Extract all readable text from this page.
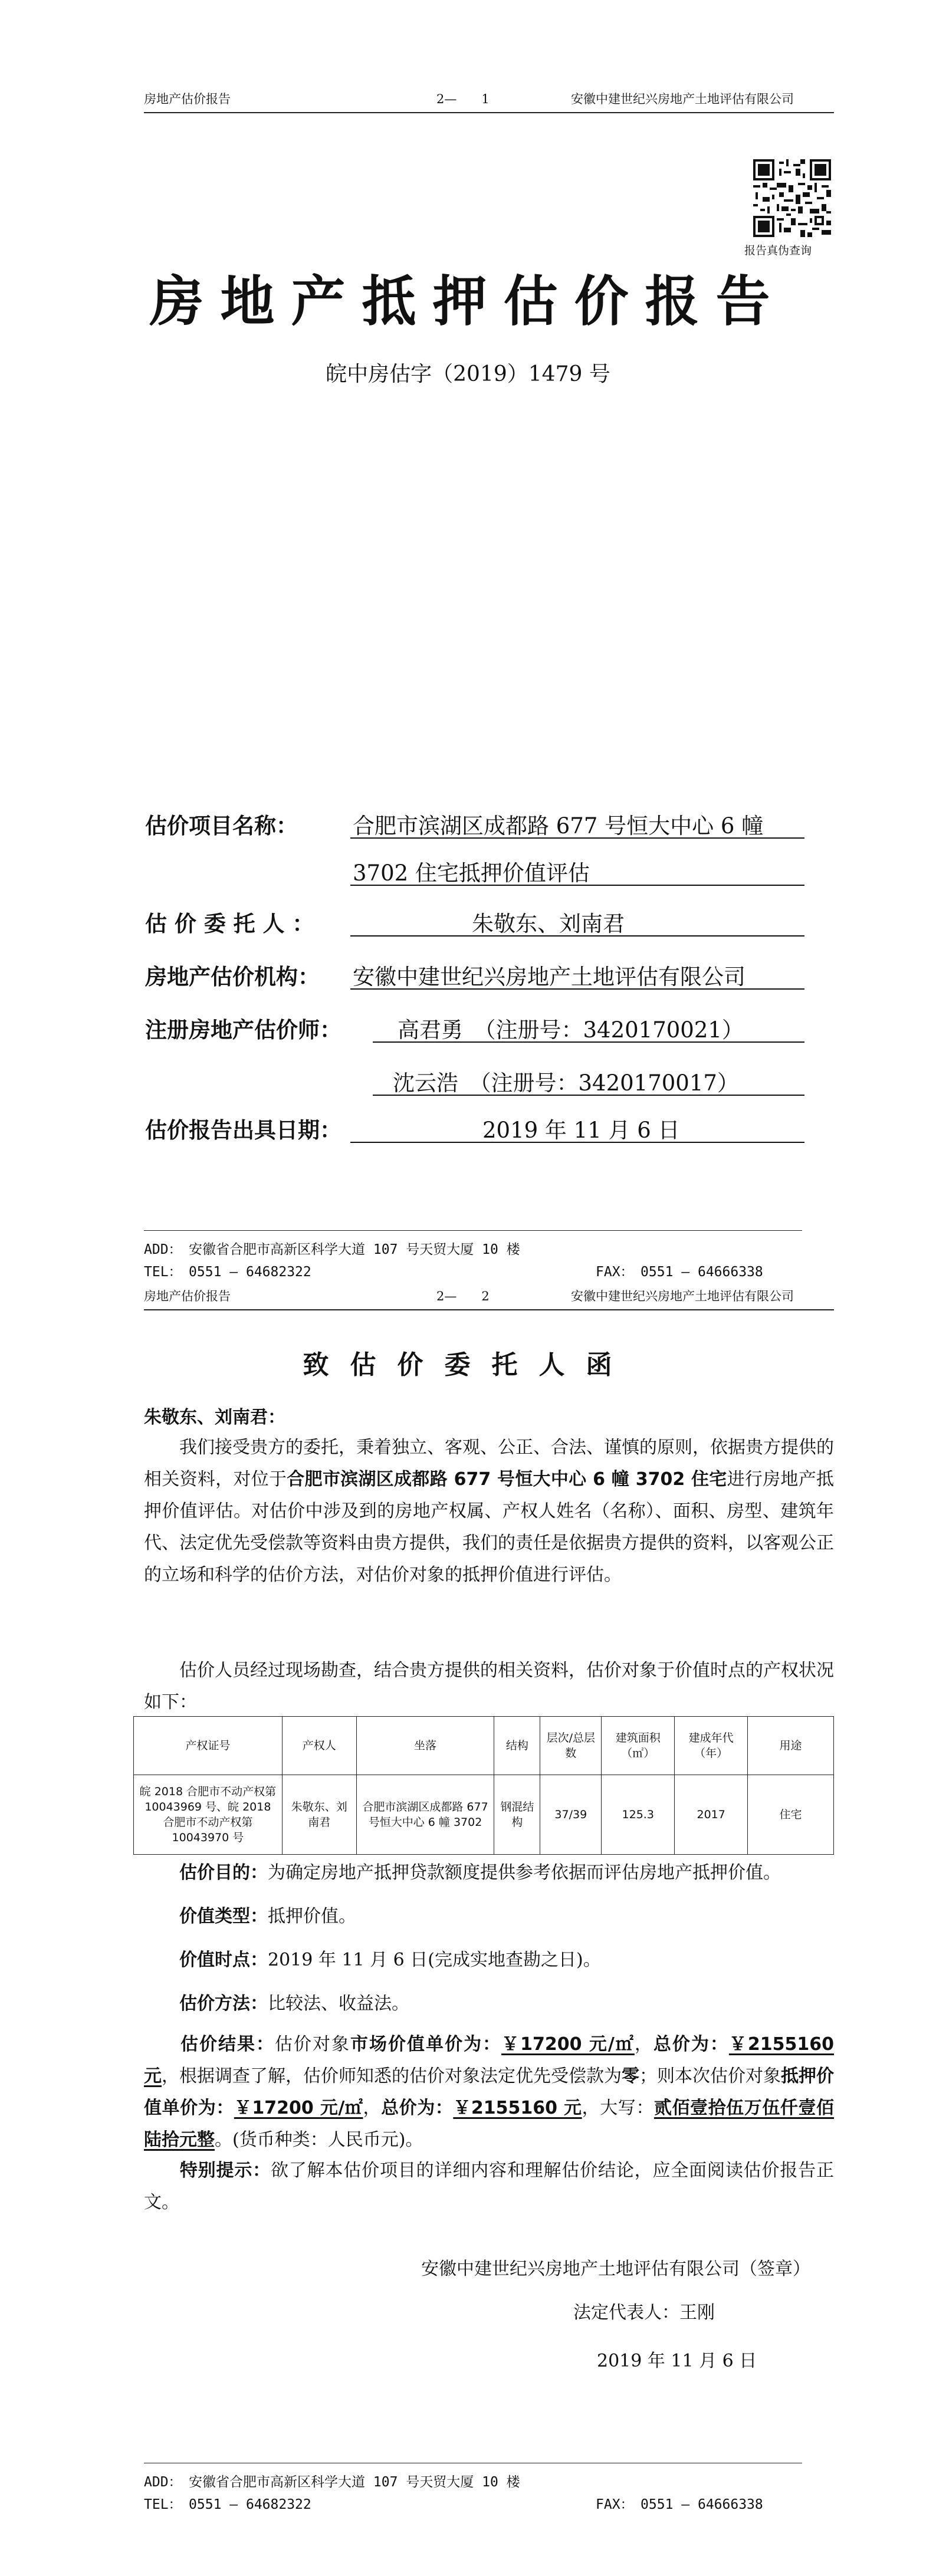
房地产估价报告	2—　　1	安徽中建世纪兴房地产土地评估有限公司
报告真伪查询
房地产抵押估价报告
皖中房估字（2019）1479 号
估价项目名称：	合肥市滨湖区成都路 677 号恒大中心 6 幢
3702 住宅抵押价值评估
估 价 委 托 人 ：	朱敬东、刘南君
房地产估价机构： 安徽中建世纪兴房地产土地评估有限公司
注册房地产估价师：	高君勇　（注册号：3420170021）
沈云浩　（注册号：3420170017）
估价报告出具日期：	2019 年 11 月 6 日
ADD：　安徽省合肥市高新区科学大道 107 号天贸大厦 10 楼
TEL：　0551 — 64682322	FAX：　0551 — 64666338
房地产估价报告	2—　　2	安徽中建世纪兴房地产土地评估有限公司
致估价委托人函
朱敬东、刘南君：
我们接受贵方的委托，秉着独立、客观、公正、合法、谨慎的原则，依据贵方提供的相关资料，对位于合肥市滨湖区成都路 677 号恒大中心 6 幢 3702 住宅进行房地产抵押价值评估。对估价中涉及到的房地产权属、产权人姓名（名称）、面积、房型、建筑年代、法定优先受偿款等资料由贵方提供，我们的责任是依据贵方提供的资料，以客观公正的立场和科学的估价方法，对估价对象的抵押价值进行评估。
估价人员经过现场勘查，结合贵方提供的相关资料，估价对象于价值时点的产权状况如下：
产权证号	产权人	坐落	结构	层次/总层数	建筑面积（㎡）	建成年代（年）	用途
皖 2018 合肥市不动产权第 10043969 号、皖 2018 合肥市不动产权第 10043970 号	朱敬东、刘南君	合肥市滨湖区成都路 677 号恒大中心 6 幢 3702	钢混结构	37/39	125.3	2017	住宅
估价目的：为确定房地产抵押贷款额度提供参考依据而评估房地产抵押价值。
价值类型：抵押价值。
价值时点：2019 年 11 月 6 日(完成实地查勘之日)。
估价方法：比较法、收益法。
估价结果：估价对象市场价值单价为：￥17200 元/㎡，总价为：￥2155160 元，根据调查了解，估价师知悉的估价对象法定优先受偿款为零；则本次估价对象抵押价值单价为：￥17200 元/㎡，总价为：￥2155160 元，大写：贰佰壹拾伍万伍仟壹佰陆拾元整。(货币种类：人民币元)。
特别提示：欲了解本估价项目的详细内容和理解估价结论，应全面阅读估价报告正文。
安徽中建世纪兴房地产土地评估有限公司（签章）
法定代表人：王刚
2019 年 11 月 6 日
ADD：　安徽省合肥市高新区科学大道 107 号天贸大厦 10 楼
TEL：　0551 — 64682322	FAX：　0551 — 64666338
